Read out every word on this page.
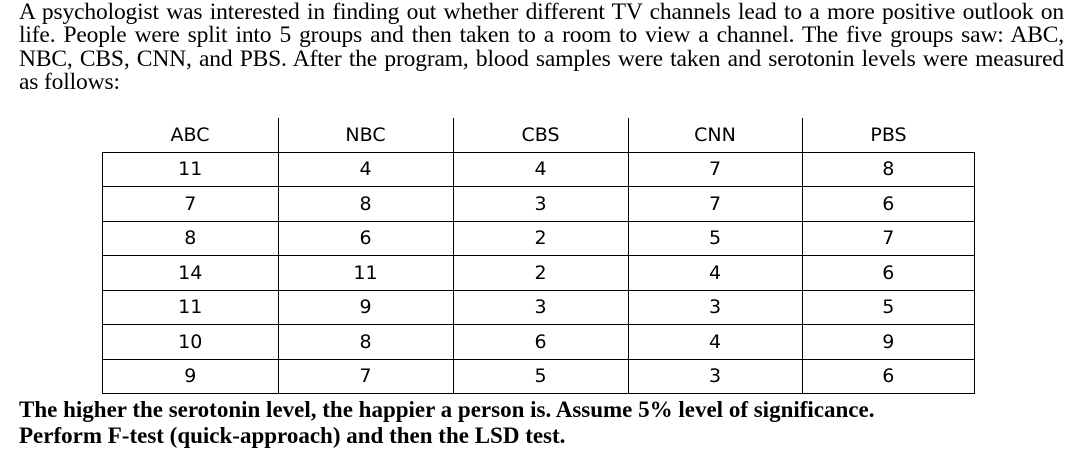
A psychologist was interested in finding out whether different TV channels lead to a more positive outlook on life. People were split into 5 groups and then taken to a room to view a channel. The five groups saw: ABC, NBC, CBS, CNN, and PBS. After the program, blood samples were taken and serotonin levels were measured as follows:

ABC	NBC	CBS	CNN	PBS
11	4	4	7	8
7	8	3	7	6
8	6	2	5	7
14	11	2	4	6
11	9	3	3	5
10	8	6	4	9
9	7	5	3	6

The higher the serotonin level, the happier a person is. Assume 5% level of significance.
Perform F-test (quick-approach) and then the LSD test.
